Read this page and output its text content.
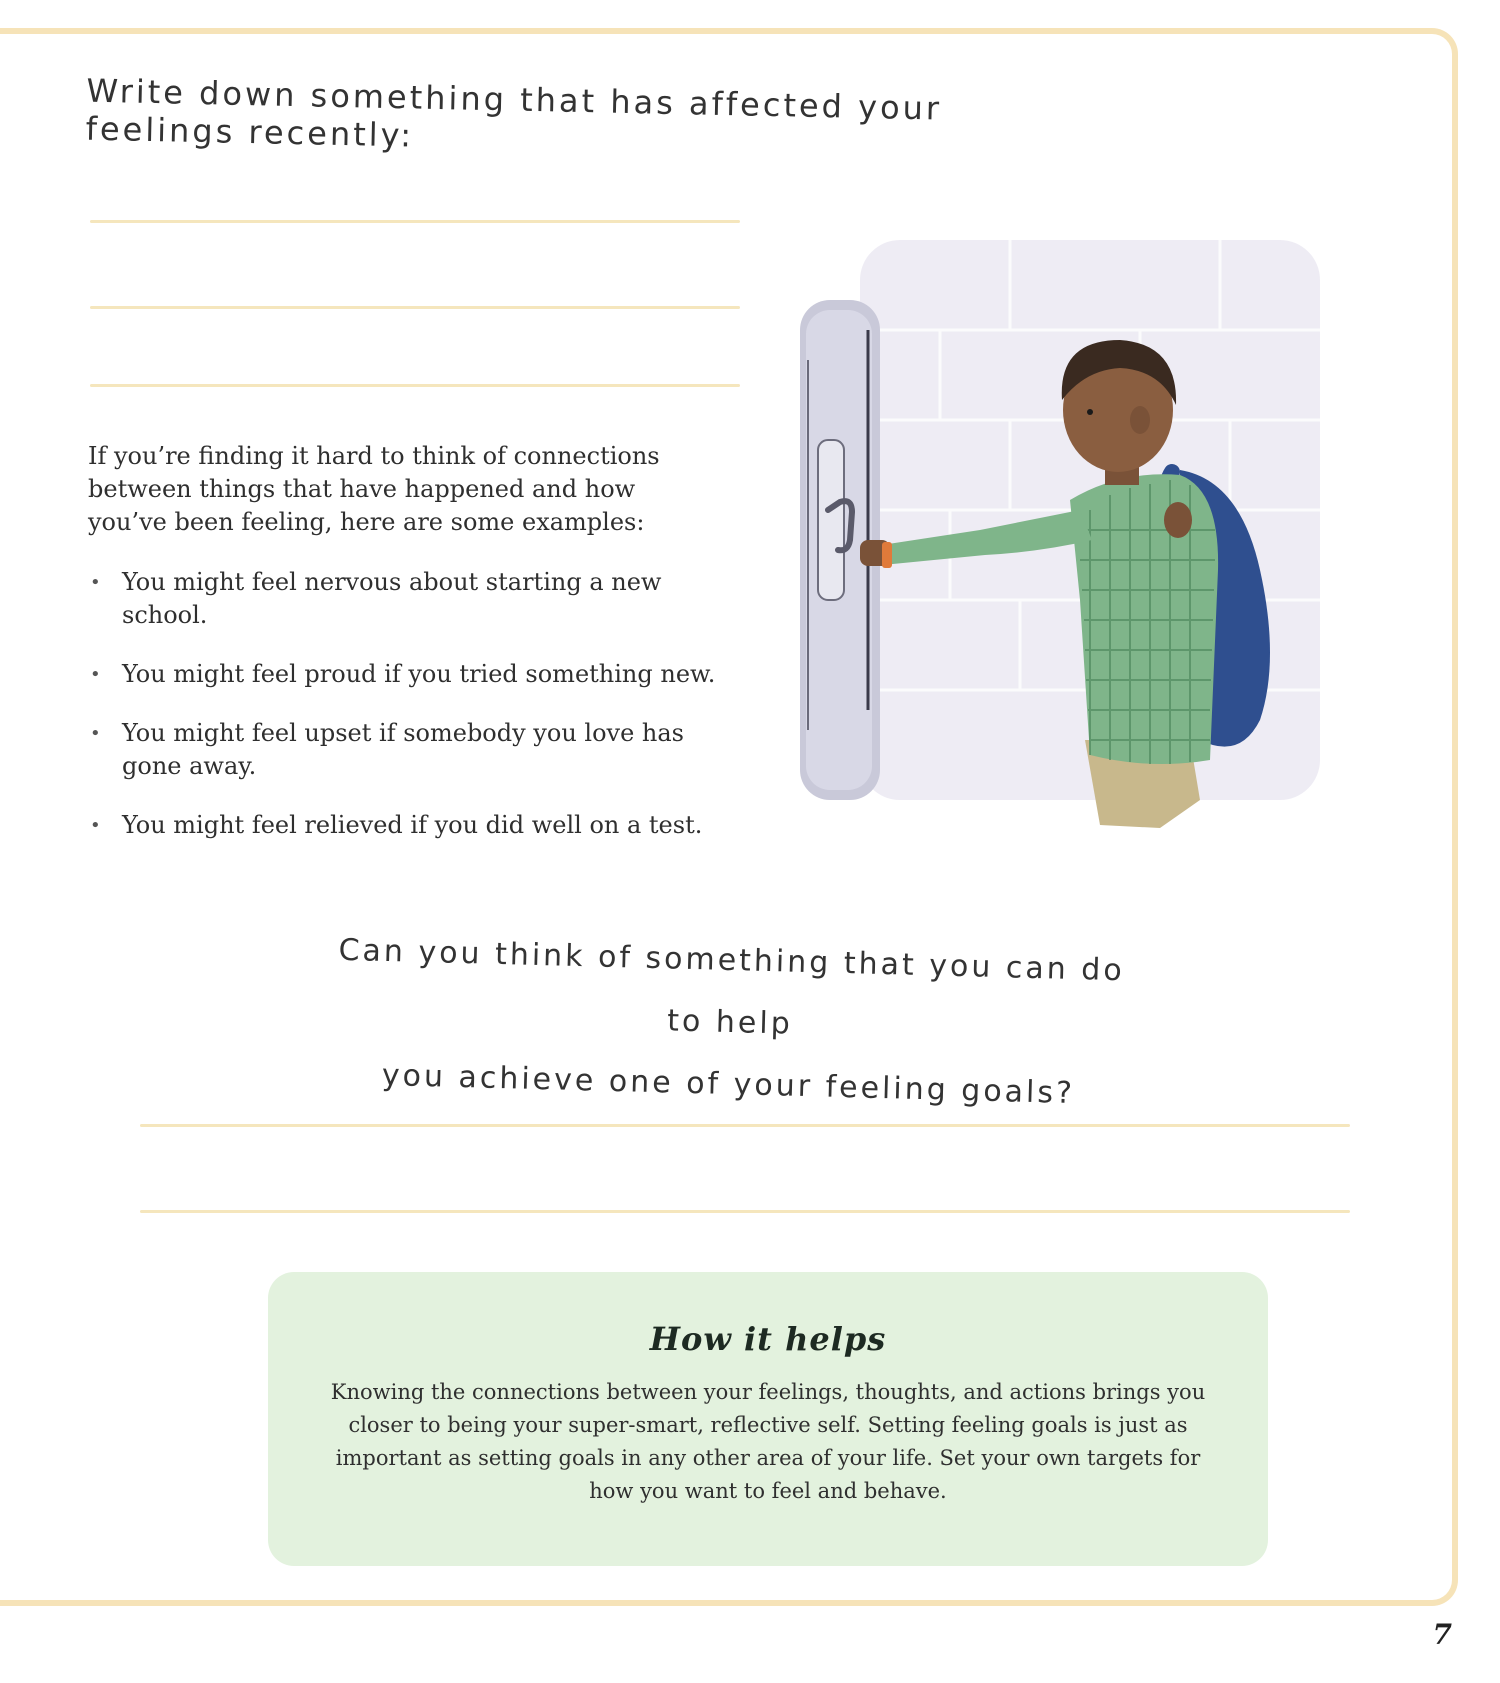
Write down something that has affected your feelings recently:

If you’re finding it hard to think of connections between things that have happened and how you’ve been feeling, here are some examples:

• You might feel nervous about starting a new school.
• You might feel proud if you tried something new.
• You might feel upset if somebody you love has gone away.
• You might feel relieved if you did well on a test.
Can you think of something that you can do to help
you achieve one of your feeling goals?
How it helps

Knowing the connections between your feelings, thoughts, and actions brings you closer to being your super-smart, reflective self. Setting feeling goals is just as important as setting goals in any other area of your life. Set your own targets for how you want to feel and behave.

7
